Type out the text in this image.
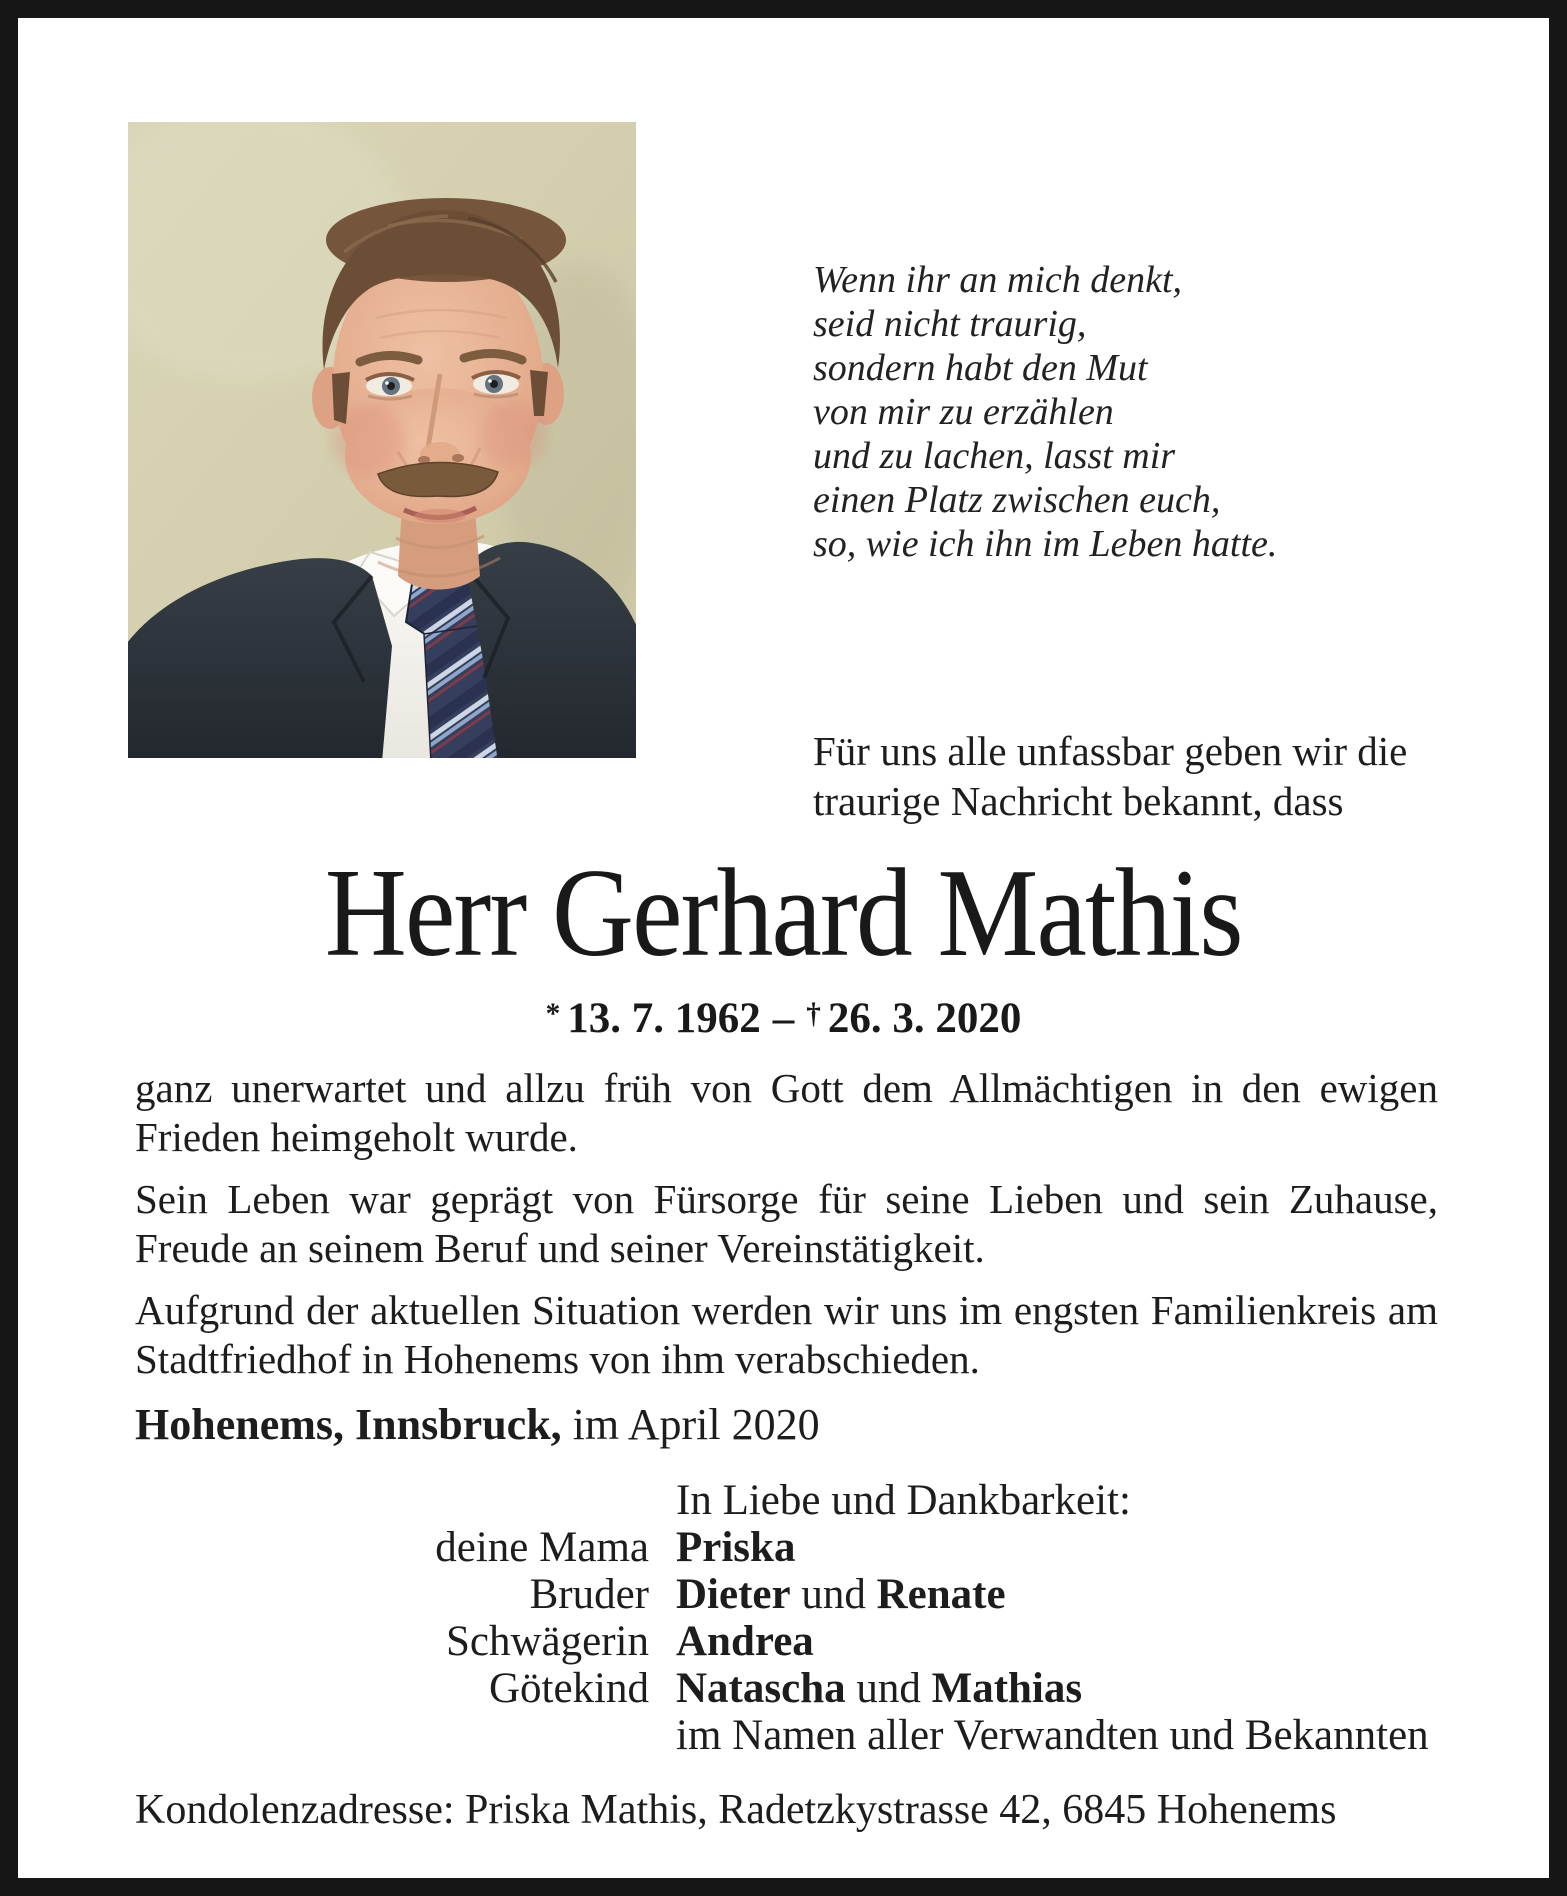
Wenn ihr an mich denkt,
seid nicht traurig,
sondern habt den Mut
von mir zu erzählen
und zu lachen, lasst mir
einen Platz zwischen euch,
so, wie ich ihn im Leben hatte.
Für uns alle unfassbar geben wir die
traurige Nachricht bekannt, dass
Herr Gerhard Mathis
* 13. 7. 1962 – † 26. 3. 2020

ganz unerwartet und allzu früh von Gott dem Allmächtigen in den ewigen Frieden heimgeholt wurde.

Sein Leben war geprägt von Fürsorge für seine Lieben und sein Zuhause, Freude an seinem Beruf und seiner Vereinstätigkeit.

Aufgrund der aktuellen Situation werden wir uns im engsten Familienkreis am Stadtfriedhof in Hohenems von ihm verabschieden.

Hohenems, Innsbruck, im April 2020
In Liebe und Dankbarkeit:
deine Mama Priska
Bruder Dieter und Renate
Schwägerin Andrea
Götekind Natascha und Mathias
im Namen aller Verwandten und Bekannten
Kondolenzadresse: Priska Mathis, Radetzkystrasse 42, 6845 Hohenems
